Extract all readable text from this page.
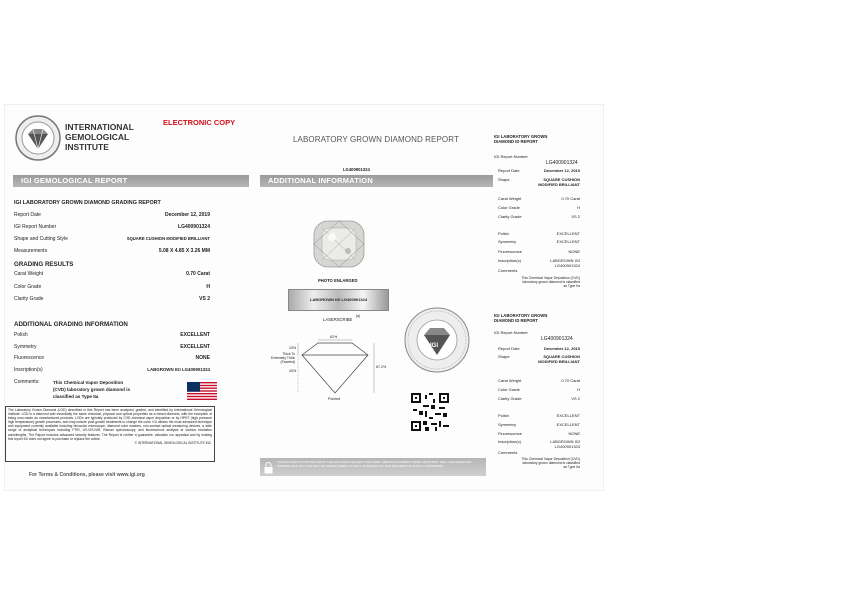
INTERNATIONAL
GEMOLOGICAL
INSTITUTE
ELECTRONIC COPY
LABORATORY GROWN DIAMOND REPORT
IGI GEMOLOGICAL REPORT	ADDITIONAL INFORMATION
LG400901324
IGI LABORATORY GROWN DIAMOND GRADING REPORT
Report Date	December 12, 2019
IGI Report Number	LG400901324
Shape and Cutting Style	SQUARE CUSHION MODIFIED BRILLIANT
Measurements	5.08 X 4.85 X 3.26 MM
GRADING RESULTS
Carat Weight	0.70 Carat
Color Grade	H
Clarity Grade	VS 2
ADDITIONAL GRADING INFORMATION
Polish	EXCELLENT
Symmetry	EXCELLENT
Fluorescence	NONE
Inscription(s)	LABGROWN IGI LG400901324
Comments:	This Chemical Vapor Deposition
(CVD) laboratory grown diamond is
classified as Type IIa
The Laboratory Grown Diamond (LGD) described in this Report has been analyzed, graded, and identified by International Gemological Institute. LGD is a diamond with essentially the same chemical, physical and optical properties as a mined diamond, with the exception of being man-made as manufactured products. LGDs are typically produced by CVD chemical vapor deposition or by HPHT (high pressure high temperature) growth processes, and may include post-growth treatments to change the color. IGI utilizes the most advanced technique and equipment currently available including binocular microscope, diamond color masters, non-contact optical measuring devices, a wide range of analytical techniques including FTIR, UV-VIS-NIR, Raman spectroscopy, and fluorescence analysis at various excitation wavelengths. The Report includes advanced security features. The Report is neither a guarantee, valuation nor appraisal and by making this report IGI does not agree to purchase or replace the article.
© INTERNATIONAL GEMOLOGICAL INSTITUTE INC.
For Terms & Conditions, please visit www.igi.org
PHOTO ENLARGED
LABGROWN IGI LG400901324
LASERSCRIBE
(a)
62%
13%
67.2%
43%
Thick To
Extremely Thick
(Faceted)
Pointed
IGI
THIS DOCUMENT IS PROTECTED BY THE FOLLOWING SECURITY FEATURES: SPECIAL DOCUMENT PAPER, MICROTEXT, SEAL, HOLOGRAM AND INVISIBLE INKS THAT CAN ONLY BE VIEWED UNDER UV LIGHT. ALTERATION OF THIS DOCUMENT IS STRICTLY PROHIBITED.
IGI LABORATORY GROWN
DIAMOND ID REPORT
IGI Report Number
LG400901324
Report Date	December 12, 2019
Shape	SQUARE CUSHION
MODIFIED BRILLIANT
Carat Weight	0.70 Carat
Color Grade	H
Clarity Grade	VS 2
Polish	EXCELLENT
Symmetry	EXCELLENT
Fluorescence	NONE
Inscription(s)	LABGROWN IGI
LG400901324
Comments
This Chemical Vapor Deposition (CVD)
laboratory grown diamond is classified
as Type IIa
IGI LABORATORY GROWN
DIAMOND ID REPORT
IGI Report Number
LG400901324
Report Date	December 12, 2019
Shape	SQUARE CUSHION
MODIFIED BRILLIANT
Carat Weight	0.70 Carat
Color Grade	H
Clarity Grade	VS 2
Polish	EXCELLENT
Symmetry	EXCELLENT
Fluorescence	NONE
Inscription(s)	LABGROWN IGI
LG400901324
Comments
This Chemical Vapor Deposition (CVD)
laboratory grown diamond is classified
as Type IIa
